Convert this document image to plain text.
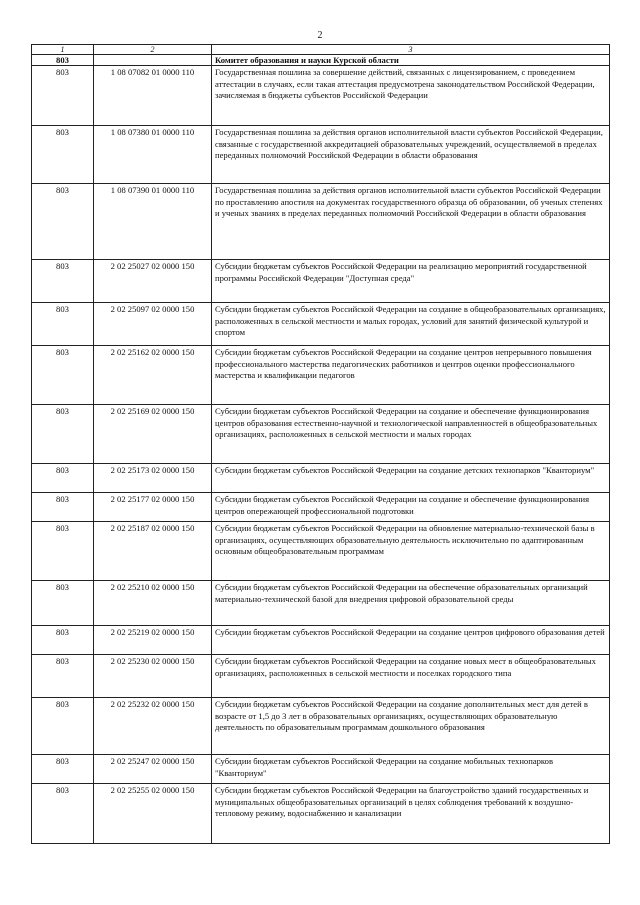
2
1	2	3
803		Комитет образования и науки Курской области
803	1 08 07082 01 0000 110	Государственная пошлина за совершение действий, связанных с лицензированием, с проведением аттестации в случаях, если такая аттестация предусмотрена законодательством Российской Федерации, зачисляемая в бюджеты субъектов Российской Федерации
803	1 08 07380 01 0000 110	Государственная пошлина за действия органов исполнительной власти субъектов Российской Федерации, связанные с государственной аккредитацией образовательных учреждений, осуществляемой в пределах переданных полномочий Российской Федерации в области образования
803	1 08 07390 01 0000 110	Государственная пошлина за действия органов исполнительной власти субъектов Российской Федерации по проставлению апостиля на документах государственного образца об образовании, об ученых степенях и ученых званиях в пределах переданных полномочий Российской Федерации в области образования
803	2 02 25027 02 0000 150	Субсидии бюджетам субъектов Российской Федерации на реализацию мероприятий государственной программы Российской Федерации "Доступная среда"
803	2 02 25097 02 0000 150	Субсидии бюджетам субъектов Российской Федерации на создание в общеобразовательных организациях, расположенных в сельской местности и малых городах, условий для занятий физической культурой и спортом
803	2 02 25162 02 0000 150	Субсидии бюджетам субъектов Российской Федерации на создание центров непрерывного повышения профессионального мастерства педагогических работников и центров оценки профессионального мастерства и квалификации педагогов
803	2 02 25169 02 0000 150	Субсидии бюджетам субъектов Российской Федерации на создание и обеспечение функционирования центров образования естественно-научной и технологической направленностей в общеобразовательных организациях, расположенных в сельской местности и малых городах
803	2 02 25173 02 0000 150	Субсидии бюджетам субъектов Российской Федерации на создание детских технопарков "Кванториум"
803	2 02 25177 02 0000 150	Субсидии бюджетам субъектов Российской Федерации на создание и обеспечение функционирования центров опережающей профессиональной подготовки
803	2 02 25187 02 0000 150	Субсидии бюджетам субъектов Российской Федерации на обновление материально-технической базы в организациях, осуществляющих образовательную деятельность исключительно по адаптированным основным общеобразовательным программам
803	2 02 25210 02 0000 150	Субсидии бюджетам субъектов Российской Федерации на обеспечение образовательных организаций материально-технической базой для внедрения цифровой образовательной среды
803	2 02 25219 02 0000 150	Субсидии бюджетам субъектов Российской Федерации на создание центров цифрового образования детей
803	2 02 25230 02 0000 150	Субсидии бюджетам субъектов Российской Федерации на создание новых мест в общеобразовательных организациях, расположенных в сельской местности и поселках городского типа
803	2 02 25232 02 0000 150	Субсидии бюджетам субъектов Российской Федерации на создание дополнительных мест для детей в возрасте от 1,5 до 3 лет в образовательных организациях, осуществляющих образовательную деятельность по образовательным программам дошкольного образования
803	2 02 25247 02 0000 150	Субсидии бюджетам субъектов Российской Федерации на создание мобильных технопарков "Кванториум"
803	2 02 25255 02 0000 150	Субсидии бюджетам субъектов Российской Федерации на благоустройство зданий государственных и муниципальных общеобразовательных организаций в целях соблюдения требований к воздушно-тепловому режиму, водоснабжению и канализации
